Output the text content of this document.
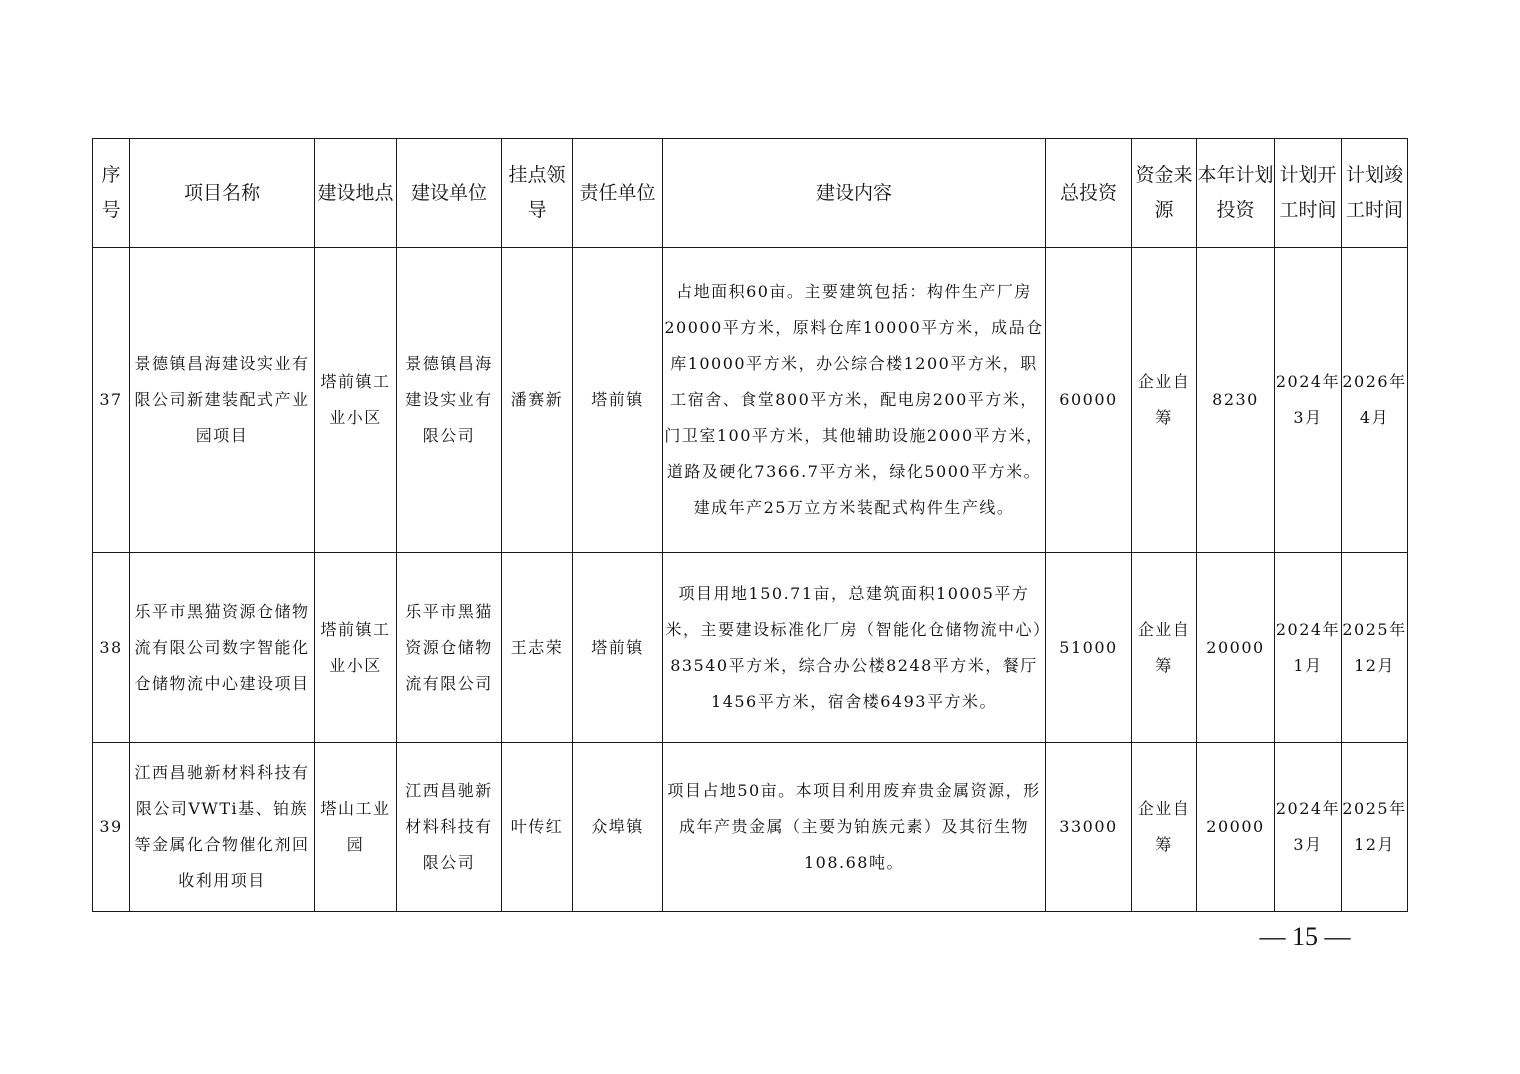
序号	项目名称	建设地点	建设单位	挂点领导	责任单位	建设内容	总投资	资金来源	本年计划投资	计划开工时间	计划竣工时间
37	景德镇昌海建设实业有限公司新建装配式产业园项目	塔前镇工业小区	景德镇昌海建设实业有限公司	潘赛新	塔前镇	占地面积60亩。主要建筑包括：构件生产厂房20000平方米，原料仓库10000平方米，成品仓库10000平方米，办公综合楼1200平方米，职工宿舍、食堂800平方米，配电房200平方米，门卫室100平方米，其他辅助设施2000平方米，道路及硬化7366.7平方米，绿化5000平方米。建成年产25万立方米装配式构件生产线。	60000	企业自筹	8230	2024年3月	2026年4月
38	乐平市黑猫资源仓储物流有限公司数字智能化仓储物流中心建设项目	塔前镇工业小区	乐平市黑猫资源仓储物流有限公司	王志荣	塔前镇	项目用地150.71亩，总建筑面积10005平方米，主要建设标准化厂房（智能化仓储物流中心）83540平方米，综合办公楼8248平方米，餐厅1456平方米，宿舍楼6493平方米。	51000	企业自筹	20000	2024年1月	2025年12月
39	江西昌驰新材料科技有限公司VWTi基、铂族等金属化合物催化剂回收利用项目	塔山工业园	江西昌驰新材料科技有限公司	叶传红	众埠镇	项目占地50亩。本项目利用废弃贵金属资源，形成年产贵金属（主要为铂族元素）及其衍生物108.68吨。	33000	企业自筹	20000	2024年3月	2025年12月
— 15 —
